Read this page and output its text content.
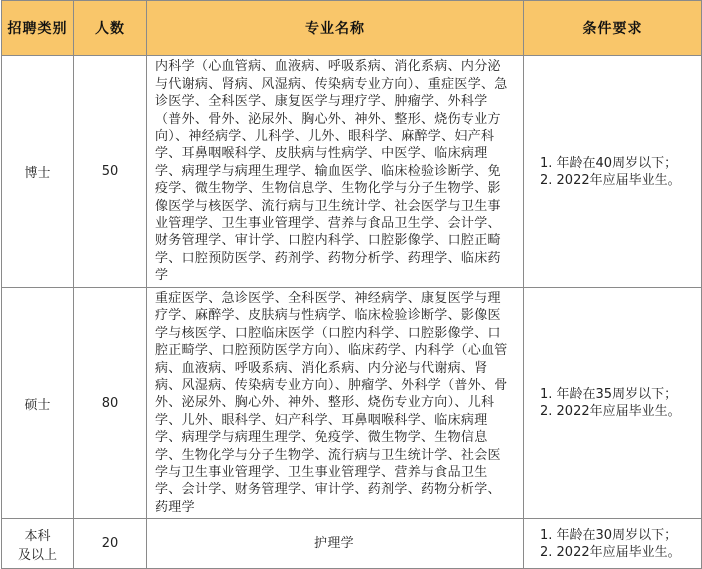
招聘类别	人数	专业名称	条件要求
博士	50	内科学（心血管病、血液病、呼吸系病、消化系病、内分泌与代谢病、肾病、风湿病、传染病专业方向）、重症医学、急诊医学、全科医学、康复医学与理疗学、肿瘤学、外科学（普外、骨外、泌尿外、胸心外、神外、整形、烧伤专业方向）、神经病学、儿科学、儿外、眼科学、麻醉学、妇产科学、耳鼻咽喉科学、皮肤病与性病学、中医学、临床病理学、病理学与病理生理学、输血医学、临床检验诊断学、免疫学、微生物学、生物信息学、生物化学与分子生物学、影像医学与核医学、流行病与卫生统计学、社会医学与卫生事业管理学、卫生事业管理学、营养与食品卫生学、会计学、财务管理学、审计学、口腔内科学、口腔影像学、口腔正畸学、口腔预防医学、药剂学、药物分析学、药理学、临床药学	1. 年龄在40周岁以下；
2. 2022年应届毕业生。

硕士	80	重症医学、急诊医学、全科医学、神经病学、康复医学与理疗学、麻醉学、皮肤病与性病学、临床检验诊断学、影像医学与核医学、口腔临床医学（口腔内科学、口腔影像学、口腔正畸学、口腔预防医学方向）、临床药学、内科学（心血管病、血液病、呼吸系病、消化系病、内分泌与代谢病、肾病、风湿病、传染病专业方向）、肿瘤学、外科学（普外、骨外、泌尿外、胸心外、神外、整形、烧伤专业方向）、儿科学、儿外、眼科学、妇产科学、耳鼻咽喉科学、临床病理学、病理学与病理生理学、免疫学、微生物学、生物信息学、生物化学与分子生物学、流行病与卫生统计学、社会医学与卫生事业管理学、卫生事业管理学、营养与食品卫生学、会计学、财务管理学、审计学、药剂学、药物分析学、药理学	1. 年龄在35周岁以下；
2. 2022年应届毕业生。

本科
及以上	20	护理学	1. 年龄在30周岁以下；
2. 2022年应届毕业生。
